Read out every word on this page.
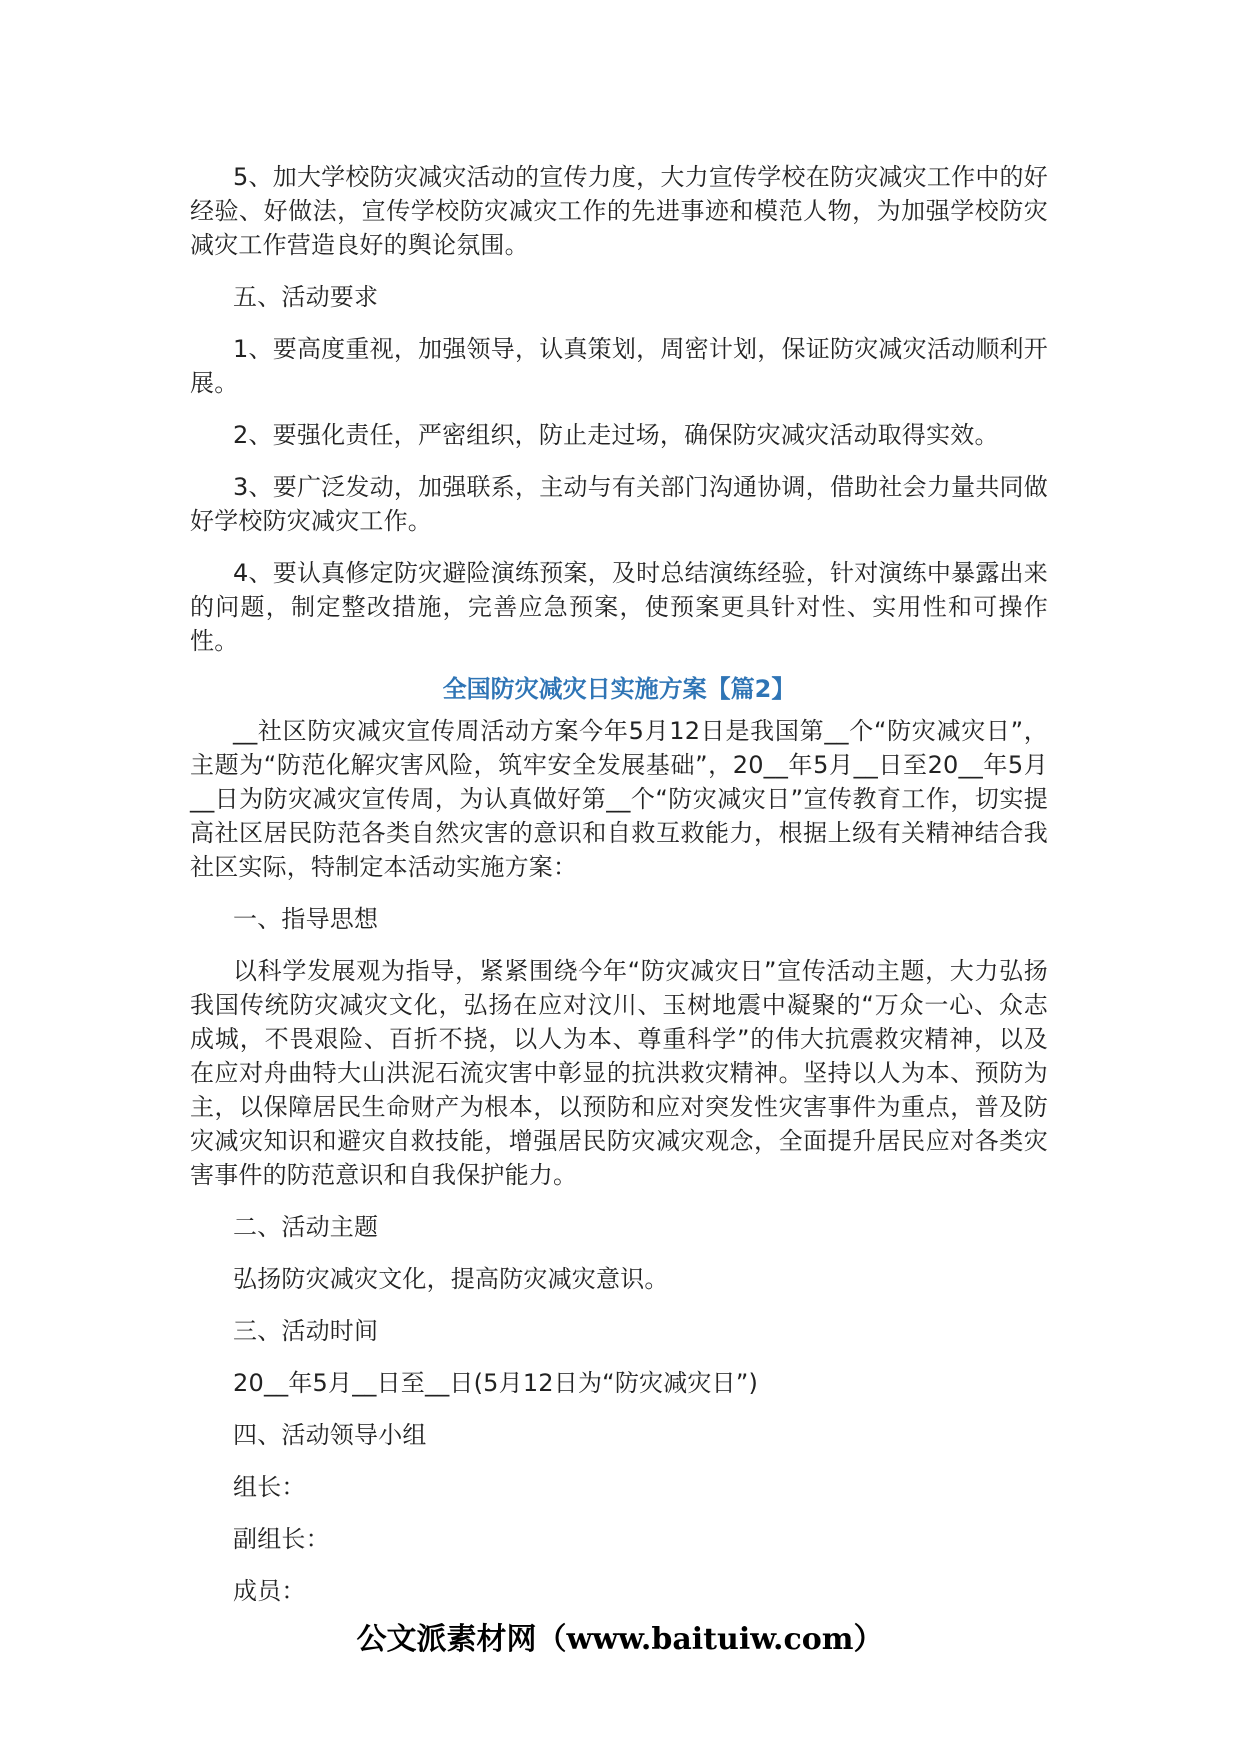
5、加大学校防灾减灾活动的宣传力度，大力宣传学校在防灾减灾工作中的好经验、好做法，宣传学校防灾减灾工作的先进事迹和模范人物，为加强学校防灾减灾工作营造良好的舆论氛围。

五、活动要求

1、要高度重视，加强领导，认真策划，周密计划，保证防灾减灾活动顺利开展。

2、要强化责任，严密组织，防止走过场，确保防灾减灾活动取得实效。

3、要广泛发动，加强联系，主动与有关部门沟通协调，借助社会力量共同做好学校防灾减灾工作。

4、要认真修定防灾避险演练预案，及时总结演练经验，针对演练中暴露出来的问题，制定整改措施，完善应急预案，使预案更具针对性、实用性和可操作性。

全国防灾减灾日实施方案【篇2】

__社区防灾减灾宣传周活动方案今年5月12日是我国第__个“防灾减灾日”，主题为“防范化解灾害风险，筑牢安全发展基础”，20__年5月__日至20__年5月__日为防灾减灾宣传周，为认真做好第__个“防灾减灾日”宣传教育工作，切实提高社区居民防范各类自然灾害的意识和自救互救能力，根据上级有关精神结合我社区实际，特制定本活动实施方案：

一、指导思想

以科学发展观为指导，紧紧围绕今年“防灾减灾日”宣传活动主题，大力弘扬我国传统防灾减灾文化，弘扬在应对汶川、玉树地震中凝聚的“万众一心、众志成城，不畏艰险、百折不挠，以人为本、尊重科学”的伟大抗震救灾精神，以及在应对舟曲特大山洪泥石流灾害中彰显的抗洪救灾精神。坚持以人为本、预防为主，以保障居民生命财产为根本，以预防和应对突发性灾害事件为重点，普及防灾减灾知识和避灾自救技能，增强居民防灾减灾观念，全面提升居民应对各类灾害事件的防范意识和自我保护能力。

二、活动主题

弘扬防灾减灾文化，提高防灾减灾意识。

三、活动时间

20__年5月__日至__日(5月12日为“防灾减灾日”)

四、活动领导小组

组长：

副组长：

成员：

公文派素材网（www.baituiw.com）
